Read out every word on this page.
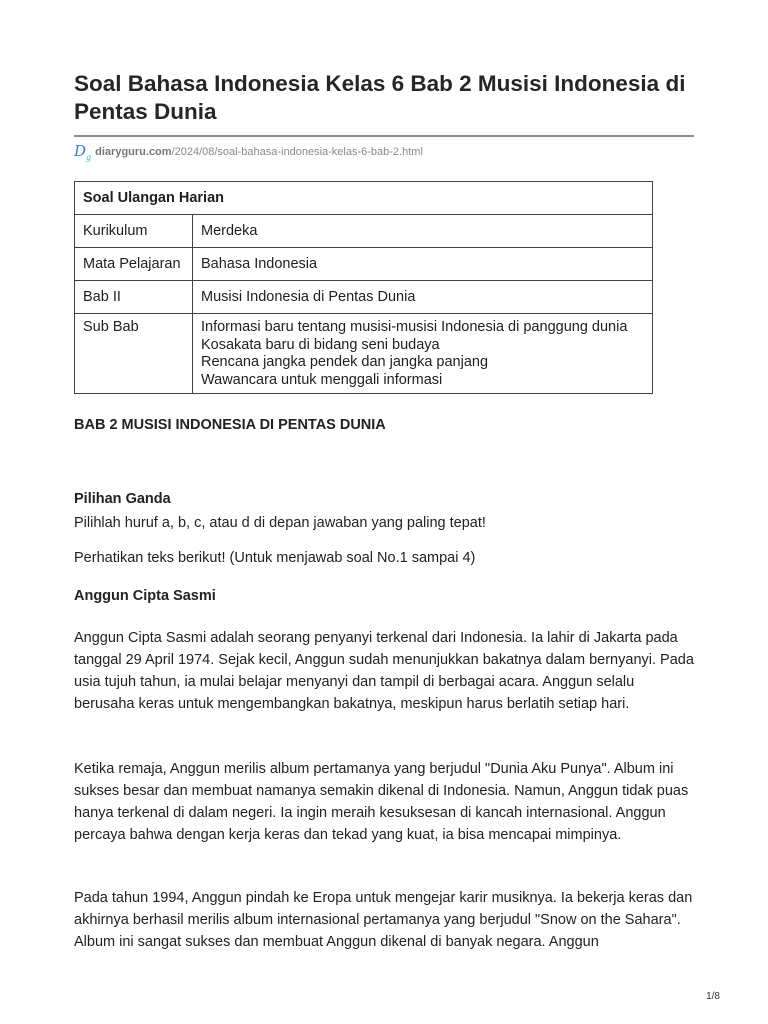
Soal Bahasa Indonesia Kelas 6 Bab 2 Musisi Indonesia di Pentas Dunia
$D_g$ diaryguru.com /2024/08/soal-bahasa-indonesia-kelas-6-bab-2.html
Soal Ulangan Harian	
Kurikulum	Merdeka
Mata Pelajaran	Bahasa Indonesia
Bab II	Musisi Indonesia di Pentas Dunia
Sub Bab	Informasi baru tentang musisi-musisi Indonesia di panggung dunia
Kosakata baru di bidang seni budaya
Rencana jangka pendek dan jangka panjang
Wawancara untuk menggali informasi
BAB 2 MUSISI INDONESIA DI PENTAS DUNIA
Pilihan Ganda
Pilihlah huruf a, b, c, atau d di depan jawaban yang paling tepat!
Perhatikan teks berikut! (Untuk menjawab soal No.1 sampai 4)
Anggun Cipta Sasmi
Anggun Cipta Sasmi adalah seorang penyanyi terkenal dari Indonesia. Ia lahir di Jakarta pada tanggal 29 April 1974. Sejak kecil, Anggun sudah menunjukkan bakatnya dalam bernyanyi. Pada usia tujuh tahun, ia mulai belajar menyanyi dan tampil di berbagai acara. Anggun selalu berusaha keras untuk mengembangkan bakatnya, meskipun harus berlatih setiap hari.
Ketika remaja, Anggun merilis album pertamanya yang berjudul "Dunia Aku Punya". Album ini sukses besar dan membuat namanya semakin dikenal di Indonesia. Namun, Anggun tidak puas hanya terkenal di dalam negeri. Ia ingin meraih kesuksesan di kancah internasional. Anggun percaya bahwa dengan kerja keras dan tekad yang kuat, ia bisa mencapai mimpinya.
Pada tahun 1994, Anggun pindah ke Eropa untuk mengejar karir musiknya. Ia bekerja keras dan akhirnya berhasil merilis album internasional pertamanya yang berjudul "Snow on the Sahara". Album ini sangat sukses dan membuat Anggun dikenal di banyak negara. Anggun
1/8
